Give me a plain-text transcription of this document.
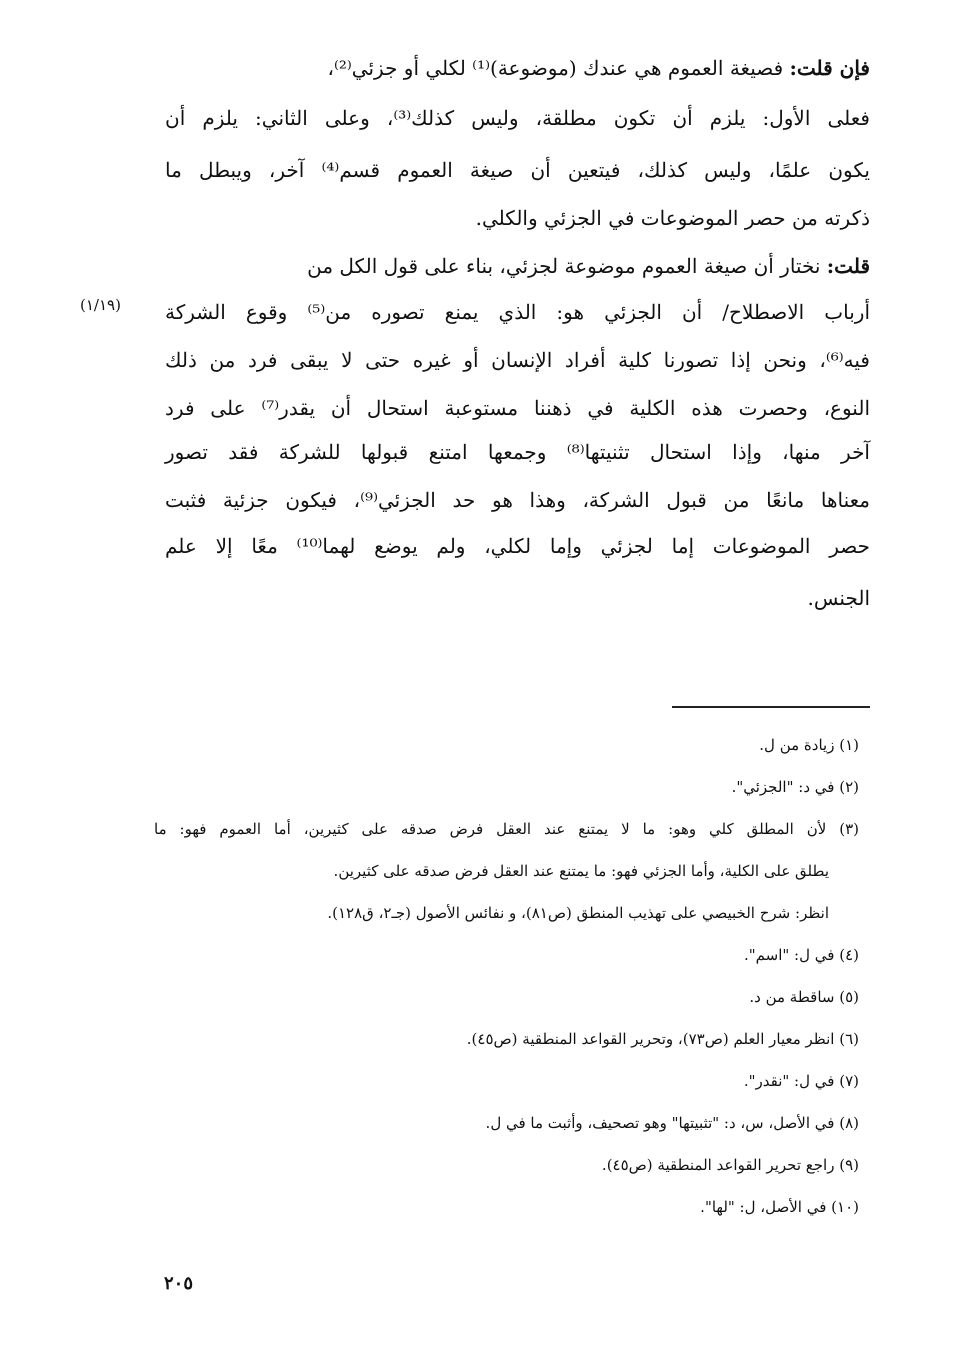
فإن قلت: فصيغة العموم هي عندك (موضوعة)⁽¹⁾ لكلي أو جزئي⁽²⁾،

فعلى الأول: يلزم أن تكون مطلقة، وليس كذلك⁽³⁾، وعلى الثاني: يلزم أن

يكون علمًا، وليس كذلك، فيتعين أن صيغة العموم قسم⁽⁴⁾ آخر، ويبطل ما

ذكرته من حصر الموضوعات في الجزئي والكلي.

قلت: نختار أن صيغة العموم موضوعة لجزئي، بناء على قول الكل من

أرباب الاصطلاح/ أن الجزئي هو: الذي يمنع تصوره من⁽⁵⁾ وقوع الشركة

فيه⁽⁶⁾، ونحن إذا تصورنا كلية أفراد الإنسان أو غيره حتى لا يبقى فرد من ذلك

النوع، وحصرت هذه الكلية في ذهننا مستوعبة استحال أن يقدر⁽⁷⁾ على فرد

آخر منها، وإذا استحال تثنيتها⁽⁸⁾ وجمعها امتنع قبولها للشركة فقد تصور

معناها مانعًا من قبول الشركة، وهذا هو حد الجزئي⁽⁹⁾، فيكون جزئية فثبت

حصر الموضوعات إما لجزئي وإما لكلي، ولم يوضع لهما⁽¹⁰⁾ معًا إلا علم

الجنس.

(١/١٩)
(١) زيادة من ل.
(٢) في د: "الجزئي".
(٣) لأن المطلق كلي وهو: ما لا يمتنع عند العقل فرض صدقه على كثيرين، أما العموم فهو: ما
يطلق على الكلية، وأما الجزئي فهو: ما يمتنع عند العقل فرض صدقه على كثيرين.
انظر: شرح الخبيصي على تهذيب المنطق (ص٨١)، و نفائس الأصول (جـ٢، ق١٢٨).
(٤) في ل: "اسم".
(٥) ساقطة من د.
(٦) انظر معيار العلم (ص٧٣)، وتحرير القواعد المنطقية (ص٤٥).
(٧) في ل: "نقدر".
(٨) في الأصل، س، د: "تثبيتها" وهو تصحيف، وأثبت ما في ل.
(٩) راجع تحرير القواعد المنطقية (ص٤٥).
(١٠) في الأصل، ل: "لها".
٢٠٥
